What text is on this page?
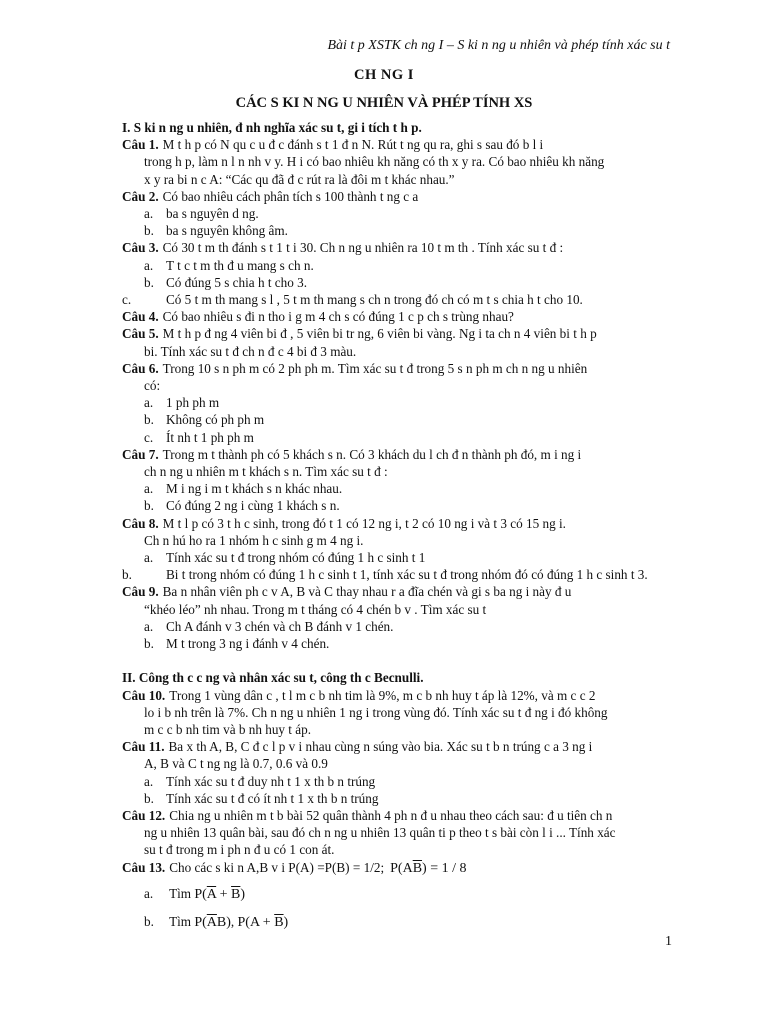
Bài t p XSTK ch ng I – S ki n ng u nhiên và phép tính xác su t
CH NG I
CÁC S KI N NG U NHIÊN VÀ PHÉP TÍNH XS
I. S ki n ng u nhiên, đ nh nghĩa xác su t, gi i tích t h p.
Câu 1. M t h p có N qu c u đ c đánh s t 1 đ n N. Rút t ng qu ra, ghi s sau đó b l i
trong h p, làm n l n nh v y. H i có bao nhiêu kh năng có th x y ra. Có bao nhiêu kh năng
x y ra bi n c A: “Các qu đã đ c rút ra là đôi m t khác nhau.”
Câu 2. Có bao nhiêu cách phân tích s 100 thành t ng c a
a. ba s nguyên d ng.
b. ba s nguyên không âm.
Câu 3. Có 30 t m th đánh s t 1 t i 30. Ch n ng u nhiên ra 10 t m th . Tính xác su t đ :
a. T t c t m th đ u mang s ch n.
b. Có đúng 5 s chia h t cho 3.
c.	Có 5 t m th mang s l , 5 t m th mang s ch n trong đó ch có m t s chia h t cho 10.
Câu 4. Có bao nhiêu s đi n tho i g m 4 ch s có đúng 1 c p ch s trùng nhau?
Câu 5. M t h p đ ng 4 viên bi đ , 5 viên bi tr ng, 6 viên bi vàng. Ng i ta ch n 4 viên bi t h p
bi. Tính xác su t đ ch n đ c 4 bi đ 3 màu.
Câu 6. Trong 10 s n ph m có 2 ph ph m. Tìm xác su t đ trong 5 s n ph m ch n ng u nhiên
có:
a. 1 ph ph m
b. Không có ph ph m
c. Ít nh t 1 ph ph m
Câu 7. Trong m t thành ph có 5 khách s n. Có 3 khách du l ch đ n thành ph đó, m i ng i
ch n ng u nhiên m t khách s n. Tìm xác su t đ :
a. M i ng i m t khách s n khác nhau.
b. Có đúng 2 ng i cùng 1 khách s n.
Câu 8. M t l p có 3 t h c sinh, trong đó t 1 có 12 ng i, t 2 có 10 ng i và t 3 có 15 ng i.
Ch n hú ho ra 1 nhóm h c sinh g m 4 ng i.
a. Tính xác su t đ trong nhóm có đúng 1 h c sinh t 1
b.	Bi t trong nhóm có đúng 1 h c sinh t 1, tính xác su t đ trong nhóm đó có đúng 1 h c sinh t 3.
Câu 9. Ba n nhân viên ph c v A, B và C thay nhau r a đĩa chén và gi s ba ng i này đ u
“khéo léo” nh nhau. Trong m t tháng có 4 chén b v . Tìm xác su t
a. Ch A đánh v 3 chén và ch B đánh v 1 chén.
b. M t trong 3 ng i đánh v 4 chén.
II. Công th c c ng và nhân xác su t, công th c Becnulli.
Câu 10. Trong 1 vùng dân c , t l m c b nh tim là 9%, m c b nh huy t áp là 12%, và m c c 2
lo i b nh trên là 7%. Ch n ng u nhiên 1 ng i trong vùng đó. Tính xác su t đ ng i đó không
m c c b nh tim và b nh huy t áp.
Câu 11. Ba x th A, B, C đ c l p v i nhau cùng n súng vào bia. Xác su t b n trúng c a 3 ng i
A, B và C t ng ng là 0.7, 0.6 và 0.9
a. Tính xác su t đ duy nh t 1 x th b n trúng
b. Tính xác su t đ có ít nh t 1 x th b n trúng
Câu 12. Chia ng u nhiên m t b bài 52 quân thành 4 ph n đ u nhau theo cách sau: đ u tiên ch n
ng u nhiên 13 quân bài, sau đó ch n ng u nhiên 13 quân ti p theo t s bài còn l i ... Tính xác
su t đ trong m i ph n đ u có 1 con át.
Câu 13. Cho các s ki n A,B v i P(A) =P(B) = 1/2; $P(A\overline{B}) = 1 / 8$
a. Tìm $P(\overline{A} + \overline{B})$
b. Tìm $P(\overline{A}B)$, $P(A + \overline{B})$
1
